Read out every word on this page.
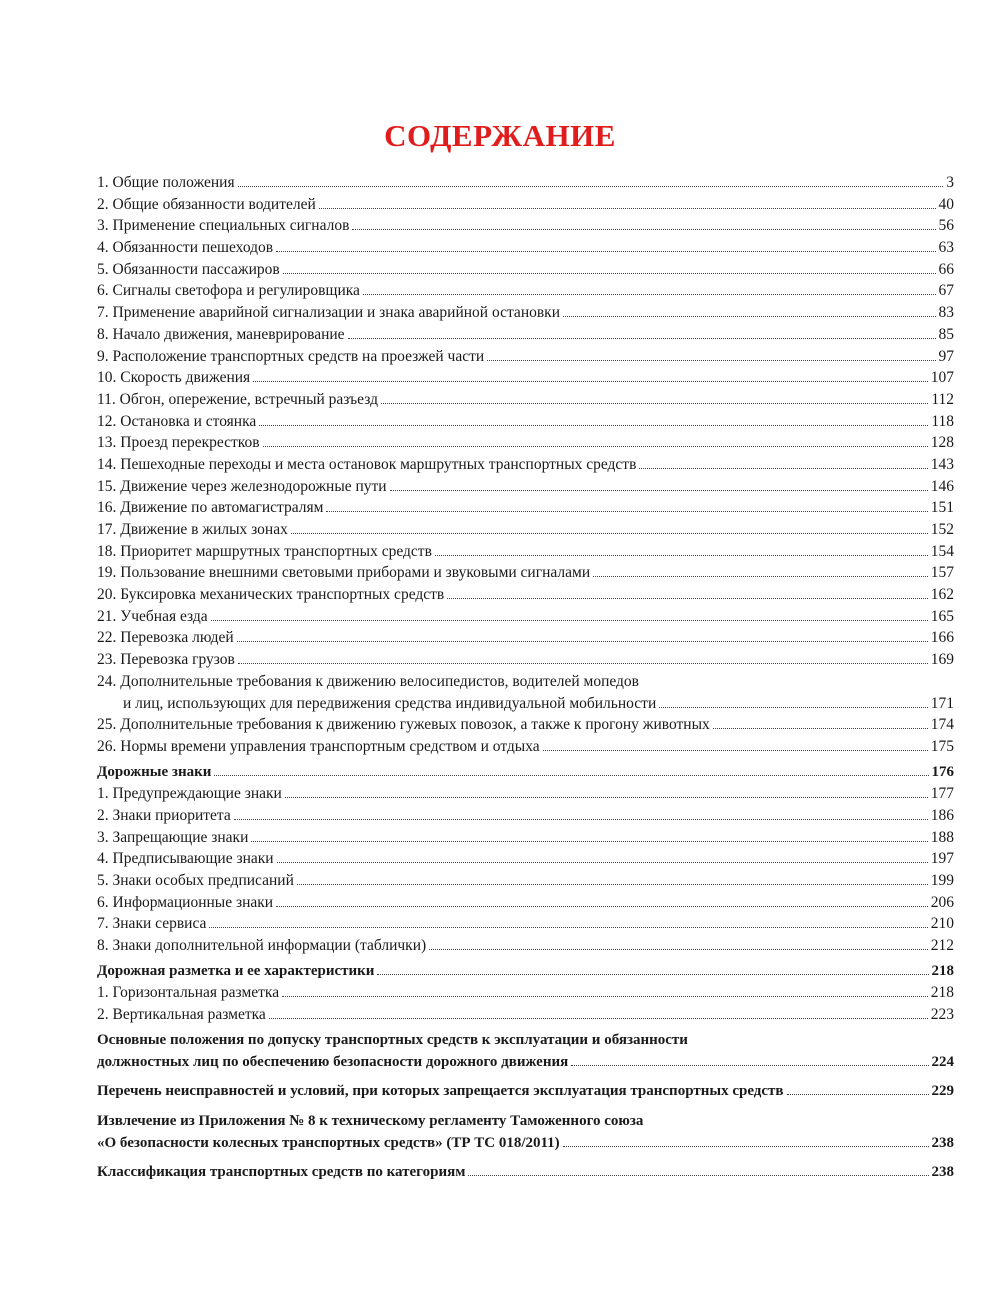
СОДЕРЖАНИЕ
1. Общие положения	3
2. Общие обязанности водителей	40
3. Применение специальных сигналов	56
4. Обязанности пешеходов	63
5. Обязанности пассажиров	66
6. Сигналы светофора и регулировщика	67
7. Применение аварийной сигнализации и знака аварийной остановки	83
8. Начало движения, маневрирование	85
9. Расположение транспортных средств на проезжей части	97
10. Скорость движения	107
11. Обгон, опережение, встречный разъезд	112
12. Остановка и стоянка	118
13. Проезд перекрестков	128
14. Пешеходные переходы и места остановок маршрутных транспортных средств	143
15. Движение через железнодорожные пути	146
16. Движение по автомагистралям	151
17. Движение в жилых зонах	152
18. Приоритет маршрутных транспортных средств	154
19. Пользование внешними световыми приборами и звуковыми сигналами	157
20. Буксировка механических транспортных средств	162
21. Учебная езда	165
22. Перевозка людей	166
23. Перевозка грузов	169
24. Дополнительные требования к движению велосипедистов, водителей мопедов
и лиц, использующих для передвижения средства индивидуальной мобильности	171
25. Дополнительные требования к движению гужевых повозок, а также к прогону животных	174
26. Нормы времени управления транспортным средством и отдыха	175
Дорожные знаки	176
1. Предупреждающие знаки	177
2. Знаки приоритета	186
3. Запрещающие знаки	188
4. Предписывающие знаки	197
5. Знаки особых предписаний	199
6. Информационные знаки	206
7. Знаки сервиса	210
8. Знаки дополнительной информации (таблички)	212
Дорожная разметка и ее характеристики	218
1. Горизонтальная разметка	218
2. Вертикальная разметка	223
Основные положения по допуску транспортных средств к эксплуатации и обязанности
должностных лиц по обеспечению безопасности дорожного движения	224
Перечень неисправностей и условий, при которых запрещается эксплуатация транспортных средств	229
Извлечение из Приложения № 8 к техническому регламенту Таможенного союза
«О безопасности колесных транспортных средств» (ТР ТС 018/2011)	238
Классификация транспортных средств по категориям	238
